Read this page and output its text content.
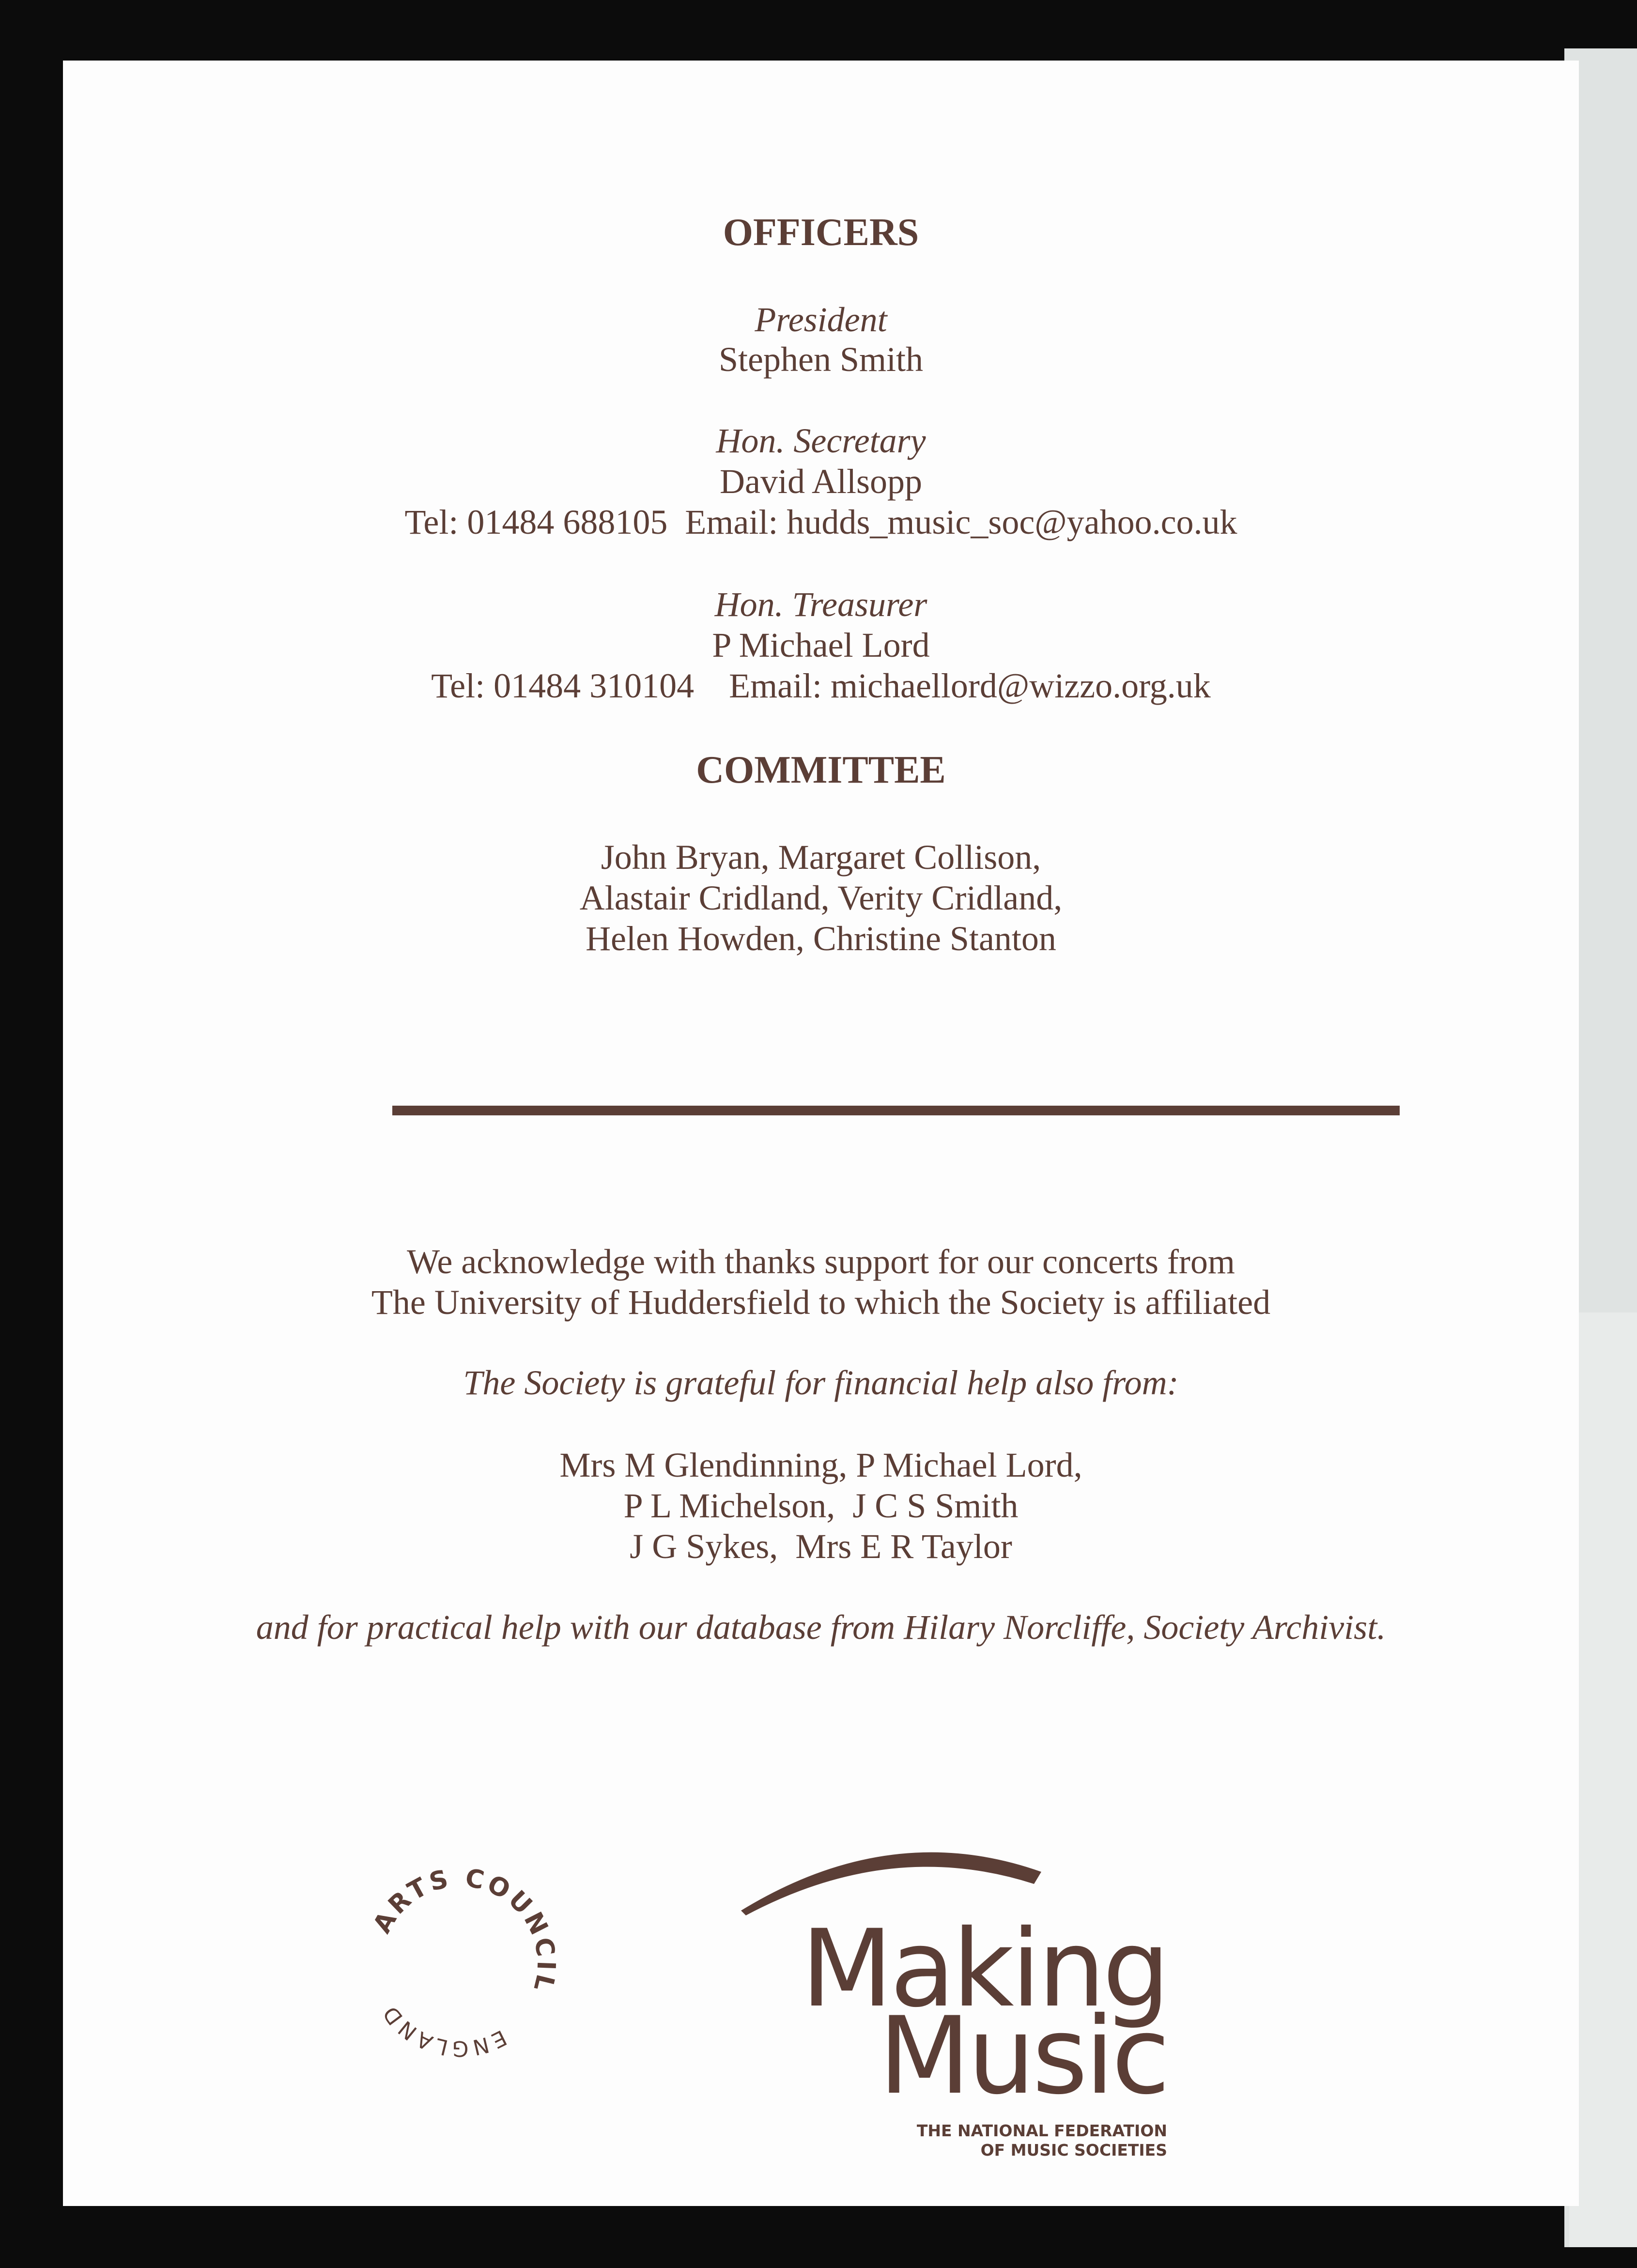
OFFICERS
President
Stephen Smith
Hon. Secretary
David Allsopp
Tel: 01484 688105  Email: hudds_music_soc@yahoo.co.uk
Hon. Treasurer
P Michael Lord
Tel: 01484 310104    Email: michaellord@wizzo.org.uk
COMMITTEE
John Bryan, Margaret Collison,
Alastair Cridland, Verity Cridland,
Helen Howden, Christine Stanton
We acknowledge with thanks support for our concerts from
The University of Huddersfield to which the Society is affiliated
The Society is grateful for financial help also from:
Mrs M Glendinning, P Michael Lord,
P L Michelson,  J C S Smith
J G Sykes,  Mrs E R Taylor
and for practical help with our database from Hilary Norcliffe, Society Archivist.
ARTS COUNCIL
ENGLAND	Making
Music
THE NATIONAL FEDERATION
OF MUSIC SOCIETIES
